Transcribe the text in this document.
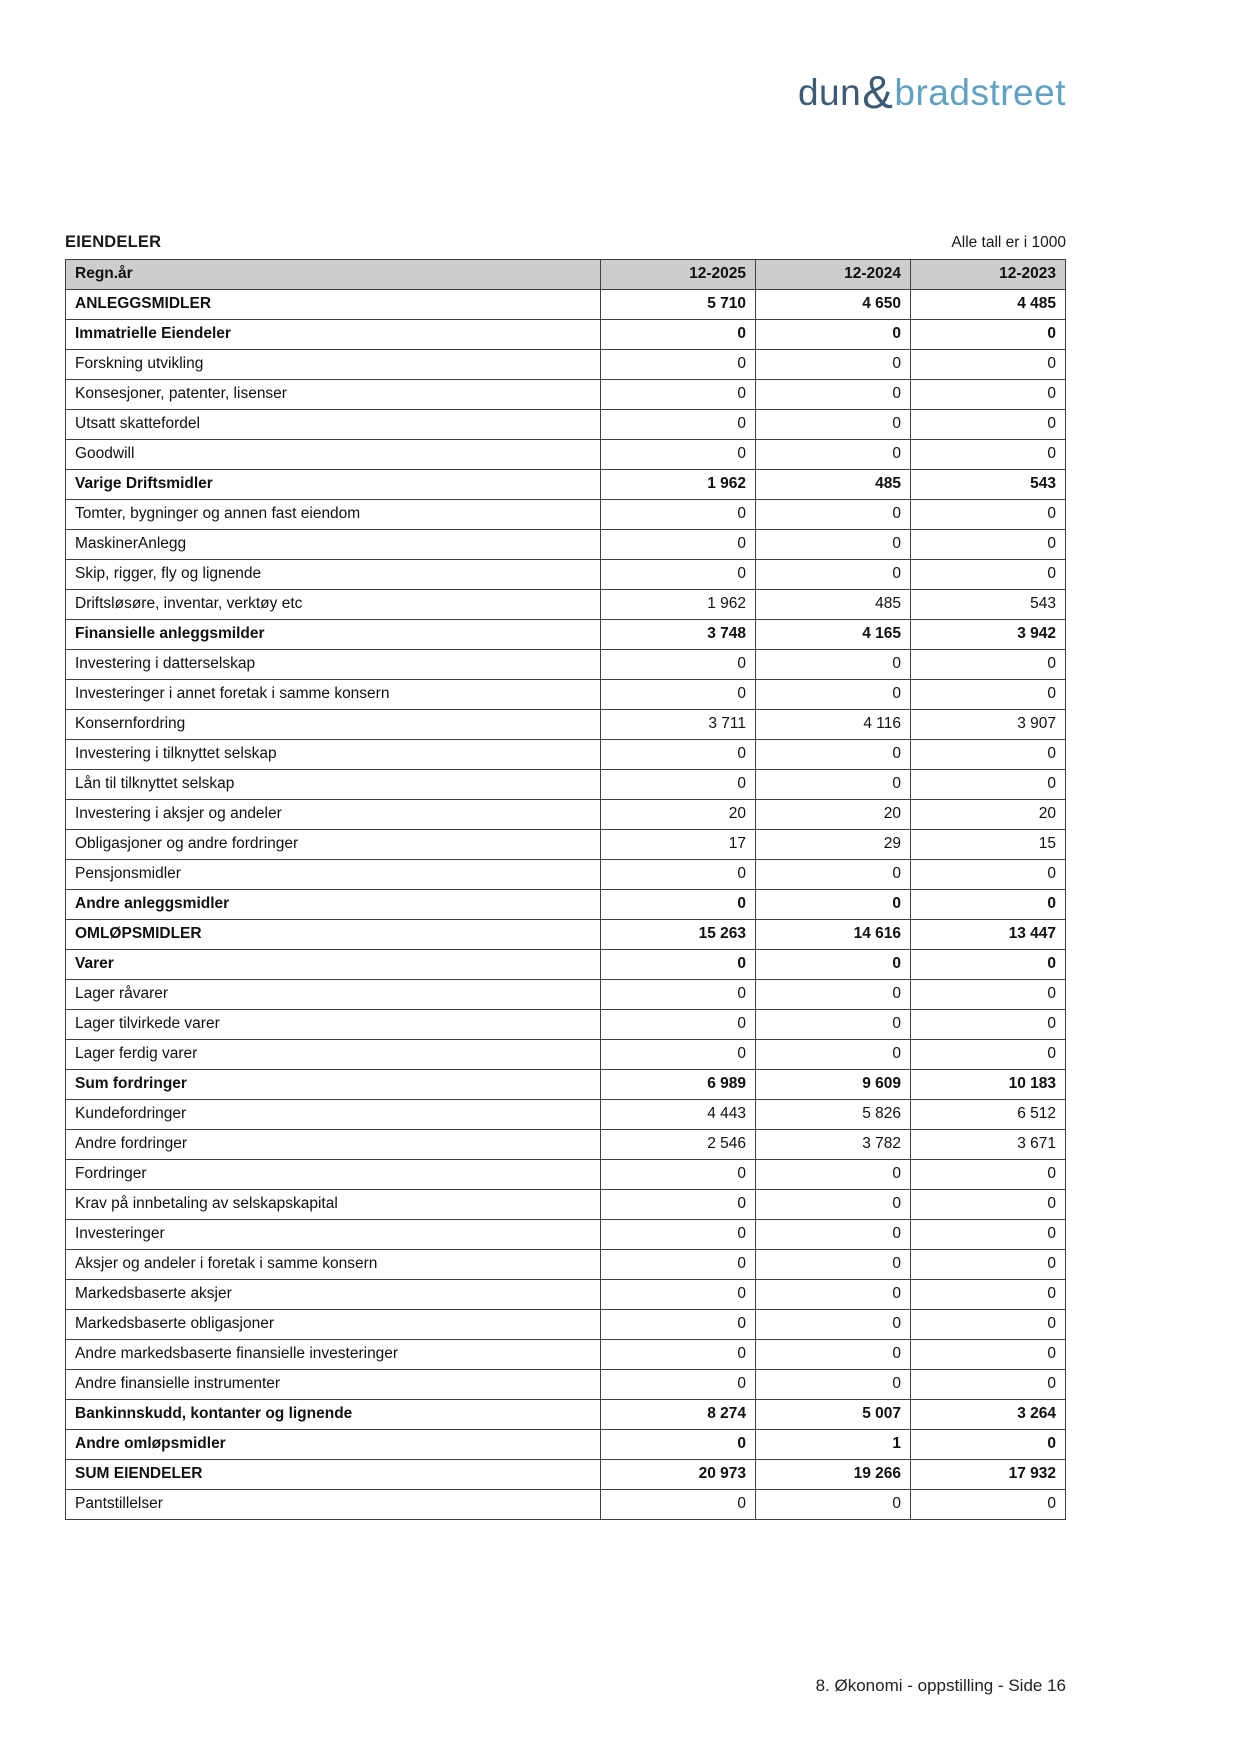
dun&bradstreet
EIENDELER	Alle tall er i 1000
Regn.år	12-2025	12-2024	12-2023
ANLEGGSMIDLER	5 710	4 650	4 485
Immatrielle Eiendeler	0	0	0
Forskning utvikling	0	0	0
Konsesjoner, patenter, lisenser	0	0	0
Utsatt skattefordel	0	0	0
Goodwill	0	0	0
Varige Driftsmidler	1 962	485	543
Tomter, bygninger og annen fast eiendom	0	0	0
MaskinerAnlegg	0	0	0
Skip, rigger, fly og lignende	0	0	0
Driftsløsøre, inventar, verktøy etc	1 962	485	543
Finansielle anleggsmilder	3 748	4 165	3 942
Investering i datterselskap	0	0	0
Investeringer i annet foretak i samme konsern	0	0	0
Konsernfordring	3 711	4 116	3 907
Investering i tilknyttet selskap	0	0	0
Lån til tilknyttet selskap	0	0	0
Investering i aksjer og andeler	20	20	20
Obligasjoner og andre fordringer	17	29	15
Pensjonsmidler	0	0	0
Andre anleggsmidler	0	0	0
OMLØPSMIDLER	15 263	14 616	13 447
Varer	0	0	0
Lager råvarer	0	0	0
Lager tilvirkede varer	0	0	0
Lager ferdig varer	0	0	0
Sum fordringer	6 989	9 609	10 183
Kundefordringer	4 443	5 826	6 512
Andre fordringer	2 546	3 782	3 671
Fordringer	0	0	0
Krav på innbetaling av selskapskapital	0	0	0
Investeringer	0	0	0
Aksjer og andeler i foretak i samme konsern	0	0	0
Markedsbaserte aksjer	0	0	0
Markedsbaserte obligasjoner	0	0	0
Andre markedsbaserte finansielle investeringer	0	0	0
Andre finansielle instrumenter	0	0	0
Bankinnskudd, kontanter og lignende	8 274	5 007	3 264
Andre omløpsmidler	0	1	0
SUM EIENDELER	20 973	19 266	17 932
Pantstillelser	0	0	0
8. Økonomi - oppstilling - Side 16
